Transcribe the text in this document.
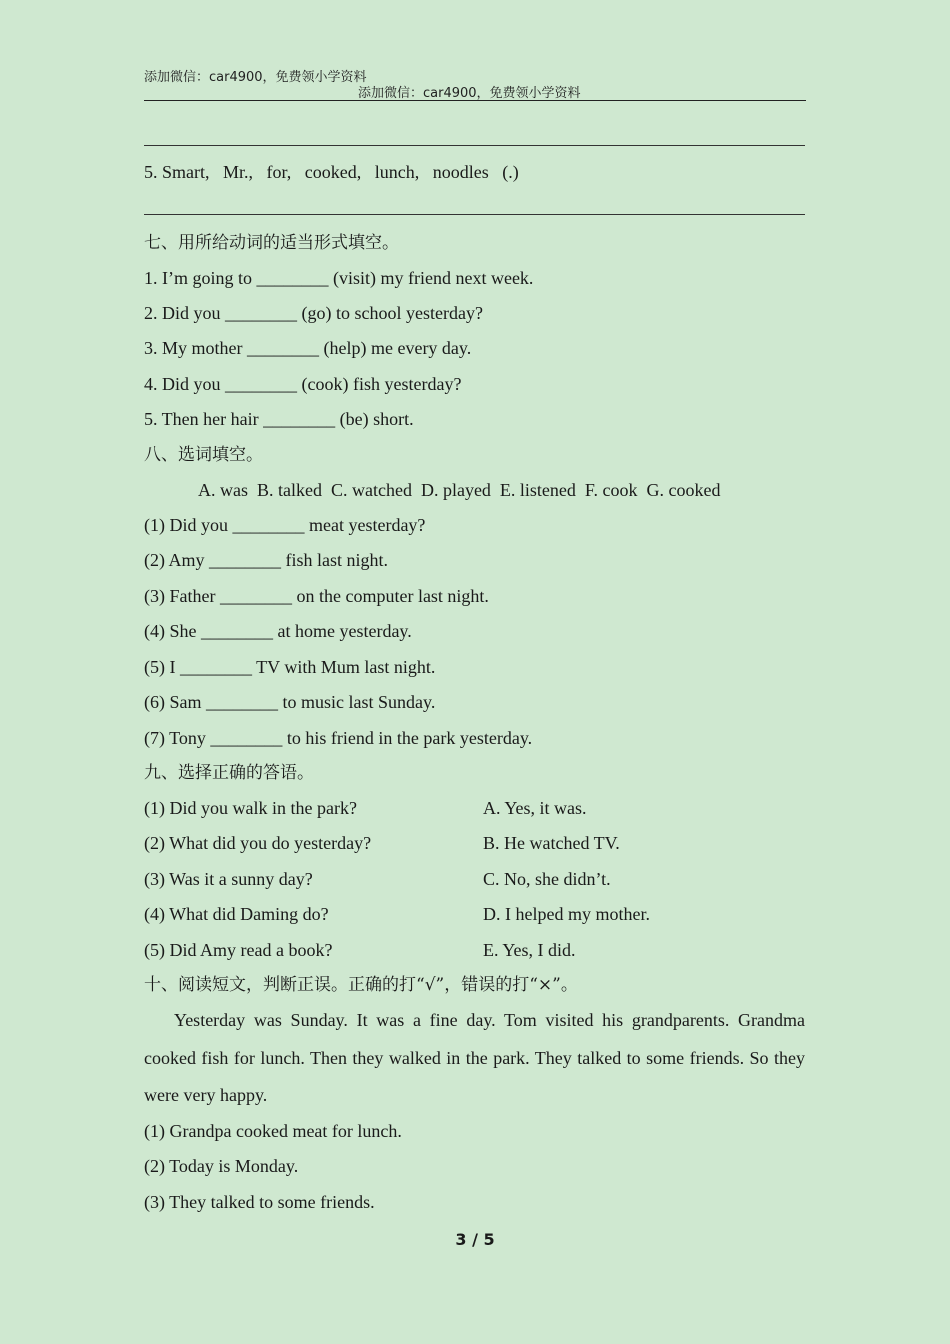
添加微信：car4900，免费领小学资料
添加微信：car4900，免费领小学资料
5. Smart,   Mr.,   for,   cooked,   lunch,   noodles   (.)
七、用所给动词的适当形式填空。
1. I’m going to ________ (visit) my friend next week.
2. Did you ________ (go) to school yesterday?
3. My mother ________ (help) me every day.
4. Did you ________ (cook) fish yesterday?
5. Then her hair ________ (be) short.
八、选词填空。
A. was  B. talked  C. watched  D. played  E. listened  F. cook  G. cooked
(1) Did you ________ meat yesterday?
(2) Amy ________ fish last night.
(3) Father ________ on the computer last night.
(4) She ________ at home yesterday.
(5) I ________ TV with Mum last night.
(6) Sam ________ to music last Sunday.
(7) Tony ________ to his friend in the park yesterday.
九、选择正确的答语。
(1) Did you walk in the park?	A. Yes, it was.
(2) What did you do yesterday?	B. He watched TV.
(3) Was it a sunny day?	C. No, she didn’t.
(4) What did Daming do?	D. I helped my mother.
(5) Did Amy read a book?	E. Yes, I did.
十、阅读短文，判断正误。正确的打“√”，错误的打“×”。
Yesterday was Sunday. It was a fine day. Tom visited his grandparents. Grandma cooked fish for lunch. Then they walked in the park. They talked to some friends. So they were very happy.
(1) Grandpa cooked meat for lunch.
(2) Today is Monday.
(3) They talked to some friends.
3 / 5
